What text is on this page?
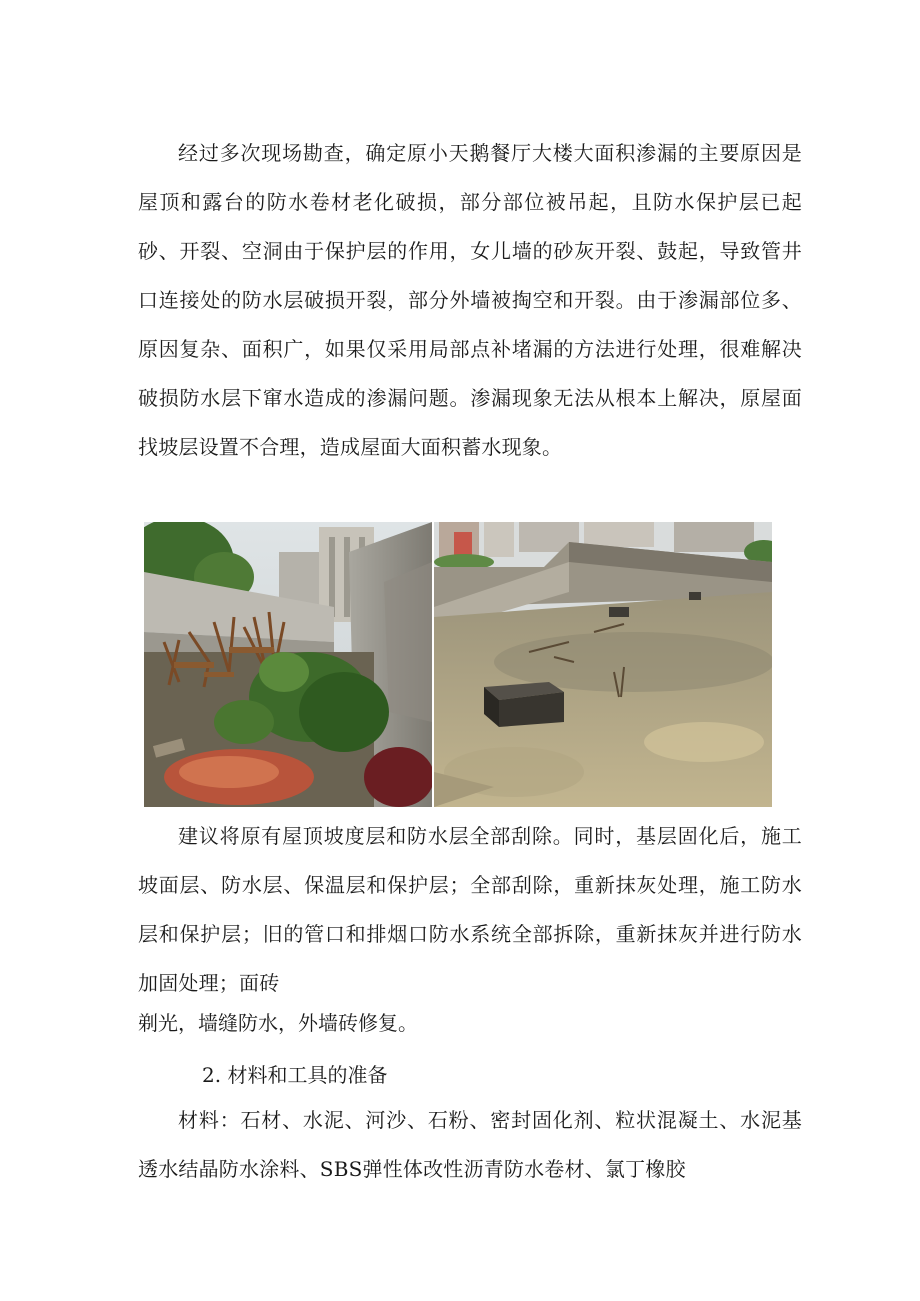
经过多次现场勘查，确定原小天鹅餐厅大楼大面积渗漏的主要原因是屋顶和露台的防水卷材老化破损，部分部位被吊起，且防水保护层已起砂、开裂、空洞由于保护层的作用，女儿墙的砂灰开裂、鼓起，导致管井口连接处的防水层破损开裂，部分外墙被掏空和开裂。由于渗漏部位多、原因复杂、面积广，如果仅采用局部点补堵漏的方法进行处理，很难解决破损防水层下窜水造成的渗漏问题。渗漏现象无法从根本上解决，原屋面找坡层设置不合理，造成屋面大面积蓄水现象。

建议将原有屋顶坡度层和防水层全部刮除。同时，基层固化后，施工坡面层、防水层、保温层和保护层；全部刮除，重新抹灰处理，施工防水层和保护层；旧的管口和排烟口防水系统全部拆除，重新抹灰并进行防水加固处理；面砖

剃光，墙缝防水，外墙砖修复。

2. 材料和工具的准备

材料：石材、水泥、河沙、石粉、密封固化剂、粒状混凝土、水泥基透水结晶防水涂料、SBS弹性体改性沥青防水卷材、氯丁橡胶
